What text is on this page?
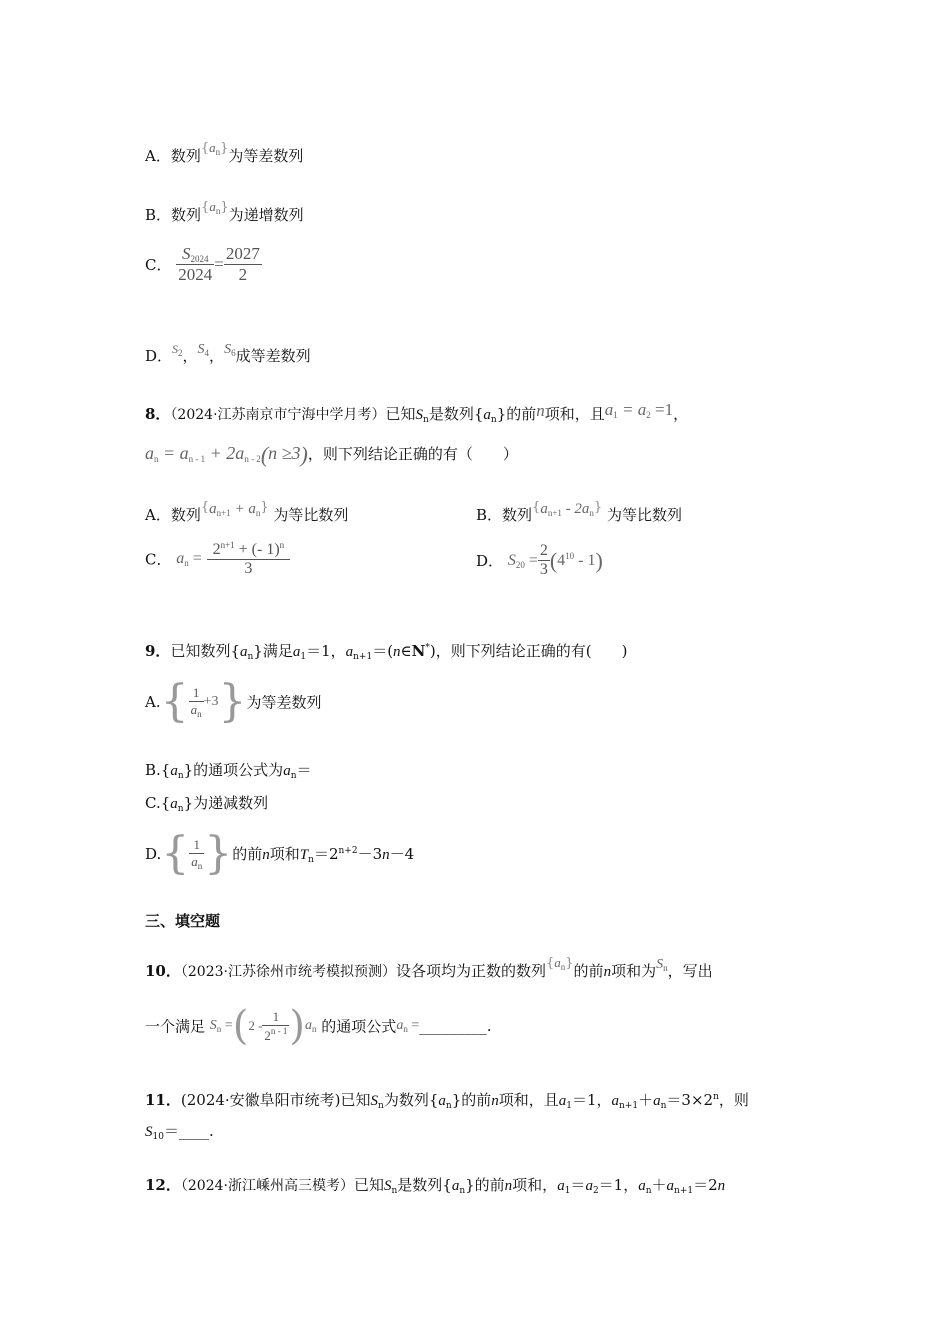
A．数列$\{a_n\}$为等差数列
B．数列$\{a_n\}$为递增数列
C． $\frac{S_{2024}}{2024} = \frac{2027}{2}$
D．$^{S_2}$，$S_4$，$S_6$成等差数列
8．（2024·江苏南京市宁海中学月考）已知$S_n$是数列$\{a_n\}$的前n项和，且$a_1 = a_2 =1$，
$a_n = a_{n - 1} + 2a_{n - 2}(n \ge 3)$，则下列结论正确的有（　　）
A．数列$\{a_{n+1} + a_n\}$ 为等比数列	B．数列$\{a_{n+1} - 2a_n\}$ 为等比数列
C． $a_n = \frac{2^{n+1} + (- 1)^n}{3}$	D． $S_{20} = \frac{2}{3} (4^{10} - 1)$
9．已知数列$\{a_n\}$满足$a_1=1$，$a_{n+1}=(n\in N^*)$，则下列结论正确的有(　　)
$A.\{ \frac{1}{a_n} +3\}$为等差数列
$B.\{a_n\}$的通项公式为$a_n=$
$C.\{a_n\}$为递减数列
$D.\{ \frac{1}{a_n}$ }的前n项和$T_n=2^{n+2}-3n-4$
三、填空题
10．（2023·江苏徐州市统考模拟预测）设各项均为正数的数列$\{a_n\}$的前n项和为$S_n$，写出
一个满足 $S_n =(2 - \frac{1}{2^{n - 1}} )a_n$ 的通项公式$a_n$ =_________.
11．(2024·安徽阜阳市统考)已知$S_n$为数列$\{a_n\}$的前n项和，且$a_1=1$，$a_{n+1}+a_n=3\times 2^n$，则
$S_{10}=\_\_\_\_$.
12．（2024·浙江嵊州高三模考）已知$S_n$是数列$\{a_n\}$的前n项和，$a_1=a_2=1$，$a_n+a_{n+1}=2n$
